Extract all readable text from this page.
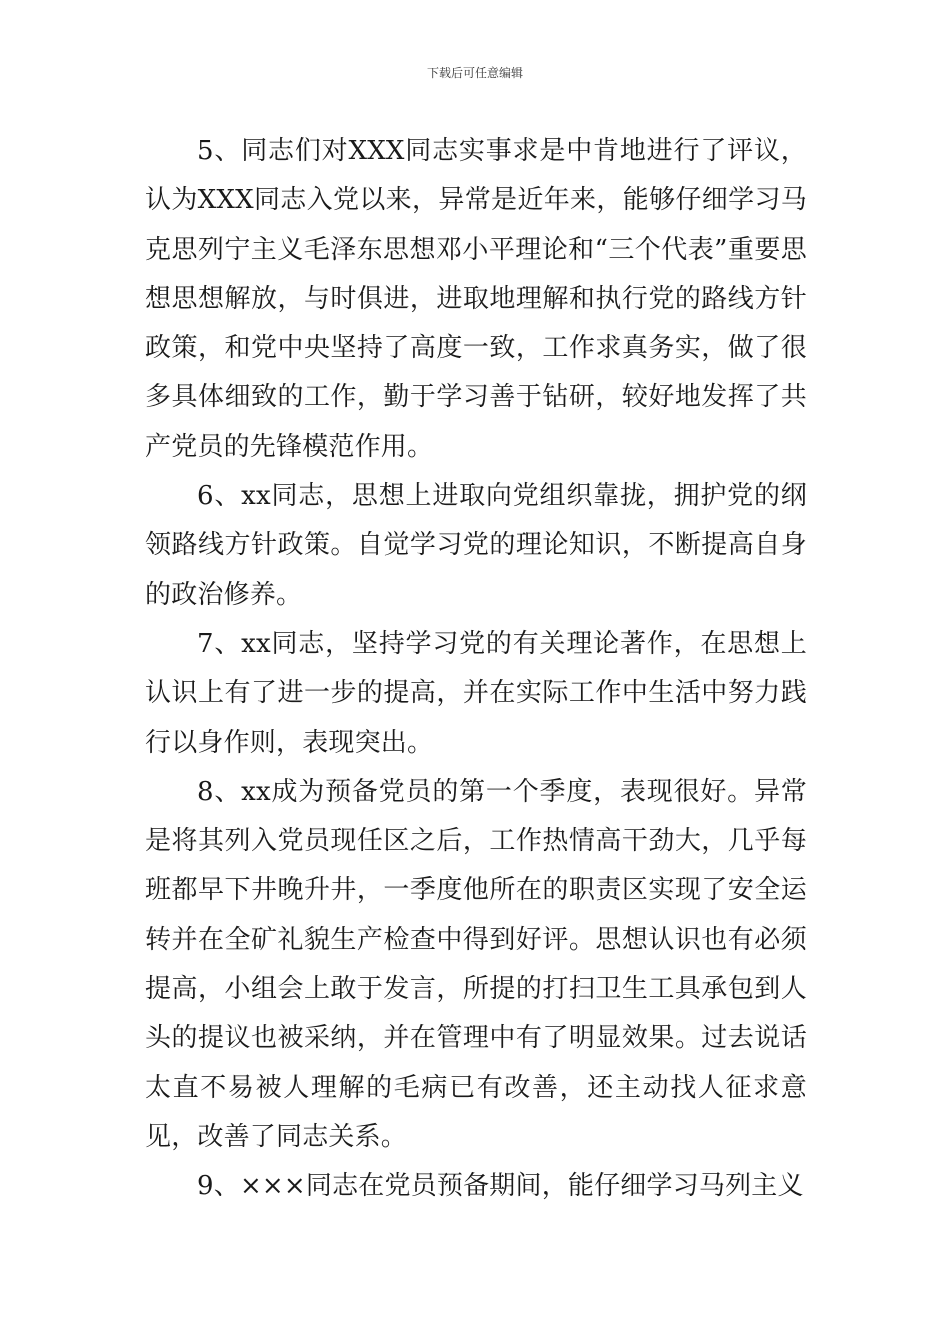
下载后可任意编辑

5、同志们对XXX同志实事求是中肯地进行了评议，认为XXX同志入党以来，异常是近年来，能够仔细学习马克思列宁主义毛泽东思想邓小平理论和“三个代表”重要思想思想解放，与时俱进，进取地理解和执行党的路线方针政策，和党中央坚持了高度一致，工作求真务实，做了很多具体细致的工作，勤于学习善于钻研，较好地发挥了共产党员的先锋模范作用。

6、xx同志，思想上进取向党组织靠拢，拥护党的纲领路线方针政策。自觉学习党的理论知识，不断提高自身的政治修养。

7、xx同志，坚持学习党的有关理论著作，在思想上认识上有了进一步的提高，并在实际工作中生活中努力践行以身作则，表现突出。

8、xx成为预备党员的第一个季度，表现很好。异常是将其列入党员现任区之后，工作热情高干劲大，几乎每班都早下井晚升井，一季度他所在的职责区实现了安全运转并在全矿礼貌生产检查中得到好评。思想认识也有必须提高，小组会上敢于发言，所提的打扫卫生工具承包到人头的提议也被采纳，并在管理中有了明显效果。过去说话太直不易被人理解的毛病已有改善，还主动找人征求意见，改善了同志关系。

9、×××同志在党员预备期间，能仔细学习马列主义
